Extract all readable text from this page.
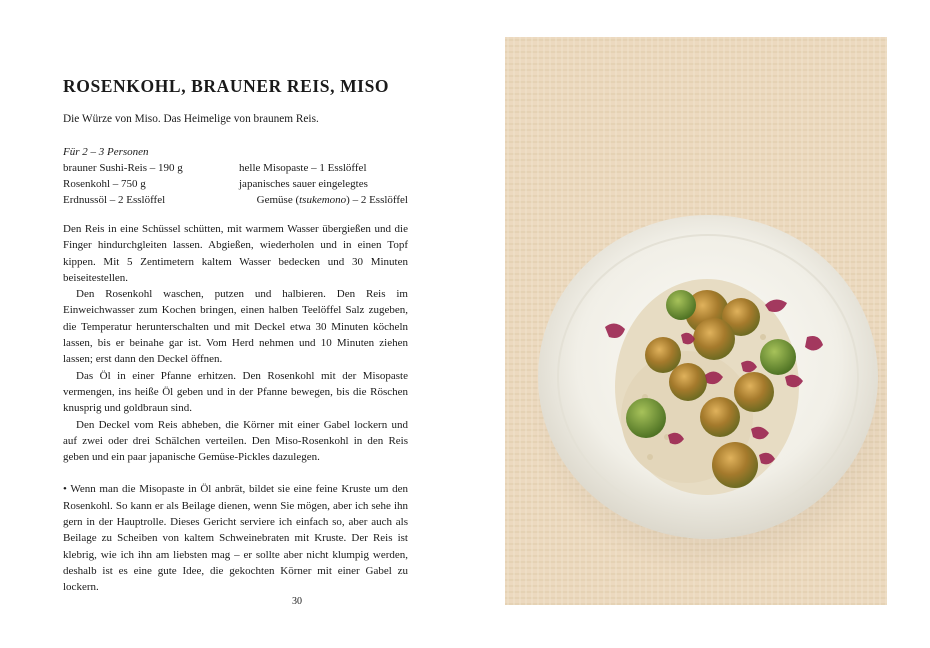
ROSENKOHL, BRAUNER REIS, MISO
Die Würze von Miso. Das Heimelige von braunem Reis.
Für 2 – 3 Personen
brauner Sushi-Reis – 190 g	helle Misopaste – 1 Esslöffel
Rosenkohl – 750 g	japanisches sauer eingelegtes
Erdnussöl – 2 Esslöffel	Gemüse (tsukemono) – 2 Esslöffel

Den Reis in eine Schüssel schütten, mit warmem Wasser übergießen und die Finger hindurchgleiten lassen. Abgießen, wiederholen und in einen Topf kippen. Mit 5 Zentimetern kaltem Wasser bedecken und 30 Minuten beiseitestellen.

Den Rosenkohl waschen, putzen und halbieren. Den Reis im Einweichwasser zum Kochen bringen, einen halben Teelöffel Salz zugeben, die Temperatur herunterschalten und mit Deckel etwa 30 Minuten köcheln lassen, bis er beinahe gar ist. Vom Herd nehmen und 10 Minuten ziehen lassen; erst dann den Deckel öffnen.

Das Öl in einer Pfanne erhitzen. Den Rosenkohl mit der Misopaste vermengen, ins heiße Öl geben und in der Pfanne bewegen, bis die Röschen knusprig und goldbraun sind.

Den Deckel vom Reis abheben, die Körner mit einer Gabel lockern und auf zwei oder drei Schälchen verteilen. Den Miso-Rosenkohl in den Reis geben und ein paar japanische Gemüse-Pickles dazulegen.

• Wenn man die Misopaste in Öl anbrät, bildet sie eine feine Kruste um den Rosenkohl. So kann er als Beilage dienen, wenn Sie mögen, aber ich sehe ihn gern in der Hauptrolle. Dieses Gericht serviere ich einfach so, aber auch als Beilage zu Scheiben von kaltem Schweinebraten mit Kruste. Der Reis ist klebrig, wie ich ihn am liebsten mag – er sollte aber nicht klumpig werden, deshalb ist es eine gute Idee, die gekochten Körner mit einer Gabel zu lockern.

30
